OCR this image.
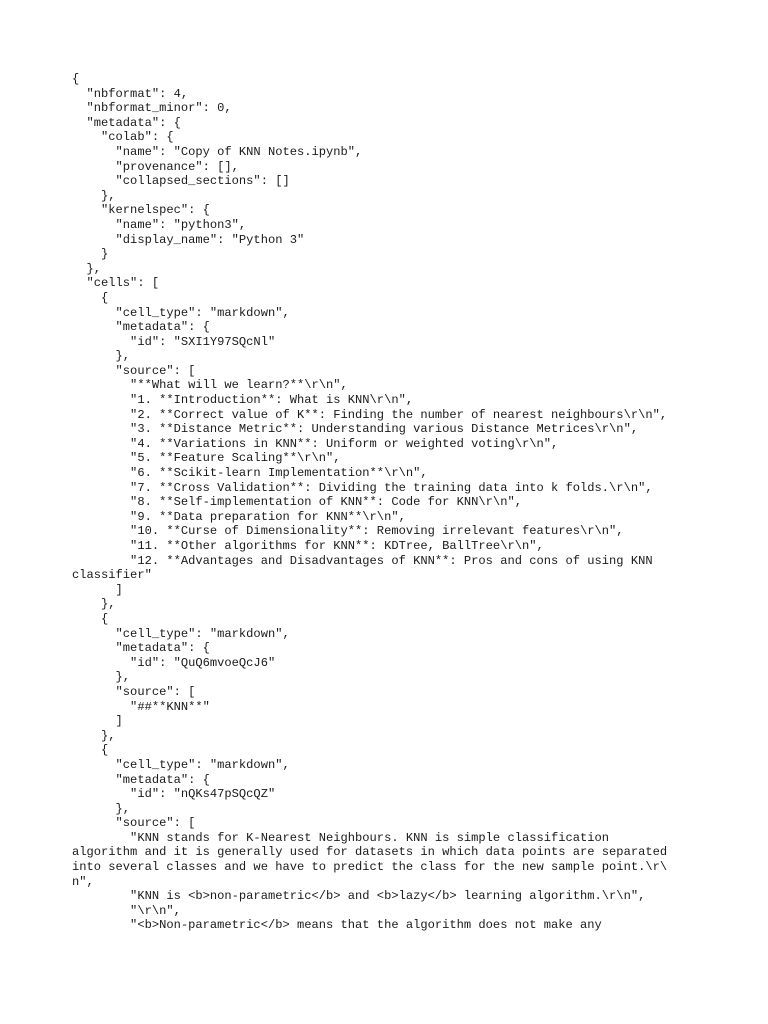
{
"nbformat": 4,
"nbformat_minor": 0,
"metadata": {
"colab": {
"name": "Copy of KNN Notes.ipynb",
"provenance": [],
"collapsed_sections": []
},
"kernelspec": {
"name": "python3",
"display_name": "Python 3"
}
},
"cells": [
{
"cell_type": "markdown",
"metadata": {
"id": "SXI1Y97SQcNl"
},
"source": [
"**What will we learn?**\r\n",
"1. **Introduction**: What is KNN\r\n",
"2. **Correct value of K**: Finding the number of nearest neighbours\r\n",
"3. **Distance Metric**: Understanding various Distance Metrices\r\n",
"4. **Variations in KNN**: Uniform or weighted voting\r\n",
"5. **Feature Scaling**\r\n",
"6. **Scikit-learn Implementation**\r\n",
"7. **Cross Validation**: Dividing the training data into k folds.\r\n",
"8. **Self-implementation of KNN**: Code for KNN\r\n",
"9. **Data preparation for KNN**\r\n",
"10. **Curse of Dimensionality**: Removing irrelevant features\r\n",
"11. **Other algorithms for KNN**: KDTree, BallTree\r\n",
"12. **Advantages and Disadvantages of KNN**: Pros and cons of using KNN
classifier"
]
},
{
"cell_type": "markdown",
"metadata": {
"id": "QuQ6mvoeQcJ6"
},
"source": [
"##**KNN**"
]
},
{
"cell_type": "markdown",
"metadata": {
"id": "nQKs47pSQcQZ"
},
"source": [
"KNN stands for K-Nearest Neighbours. KNN is simple classification
algorithm and it is generally used for datasets in which data points are separated
into several classes and we have to predict the class for the new sample point.\r\
n",
"KNN is <b>non-parametric</b> and <b>lazy</b> learning algorithm.\r\n",
"\r\n",
"<b>Non-parametric</b> means that the algorithm does not make any
